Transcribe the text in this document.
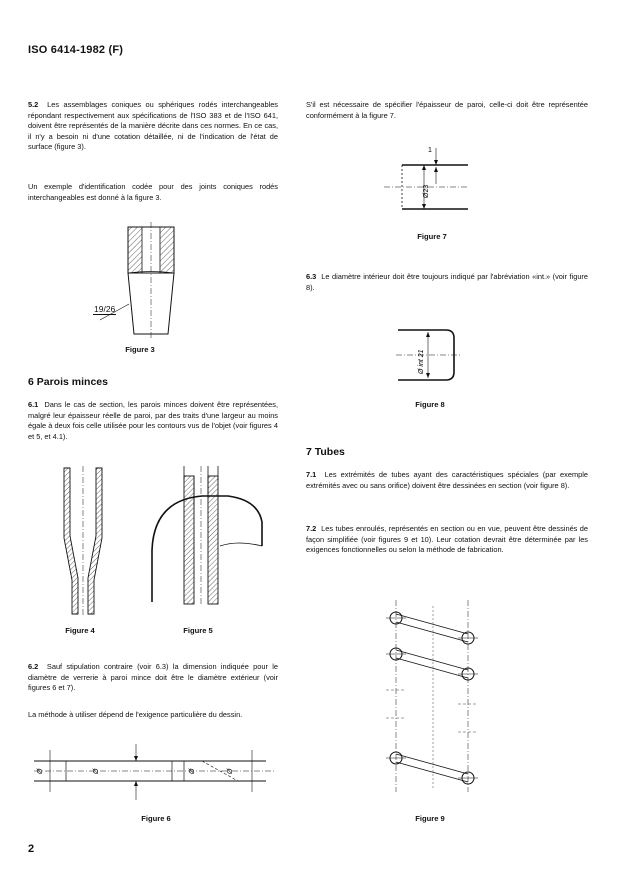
ISO 6414-1982 (F)
5.2 Les assemblages coniques ou sphériques rodés interchangeables répondant respectivement aux spécifications de l'ISO 383 et de l'ISO 641, doivent être représentés de la manière décrite dans ces normes. En ce cas, il n'y a besoin ni d'une cotation détaillée, ni de l'indication de l'état de surface (figure 3).
Un exemple d'identification codée pour des joints coniques rodés interchangeables est donné à la figure 3.
19/26
Figure 3
6 Parois minces
6.1 Dans le cas de section, les parois minces doivent être représentées, malgré leur épaisseur réelle de paroi, par des traits d'une largeur au moins égale à deux fois celle utilisée pour les contours vus de l'objet (voir figures 4 et 5, et 4.1).
Figure 4	Figure 5
6.2 Sauf stipulation contraire (voir 6.3) la dimension indiquée pour le diamètre de verrerie à paroi mince doit être le diamètre extérieur (voir figures 6 et 7).
La méthode à utiliser dépend de l'exigence particulière du dessin.
Ø	Ø	Ø	Ø
Figure 6
2
S'il est nécessaire de spécifier l'épaisseur de paroi, celle-ci doit être représentée conformément à la figure 7.
Ø23
1
Figure 7
6.3 Le diamètre intérieur doit être toujours indiqué par l'abréviation «int.» (voir figure 8).
Ø int 21
Figure 8
7 Tubes
7.1 Les extrémités de tubes ayant des caractéristiques spéciales (par exemple extrémités avec ou sans orifice) doivent être dessinées en section (voir figure 8).
7.2 Les tubes enroulés, représentés en section ou en vue, peuvent être dessinés de façon simplifiée (voir figures 9 et 10). Leur cotation devrait être déterminée par les exigences fonctionnelles ou selon la méthode de fabrication.
Figure 9
